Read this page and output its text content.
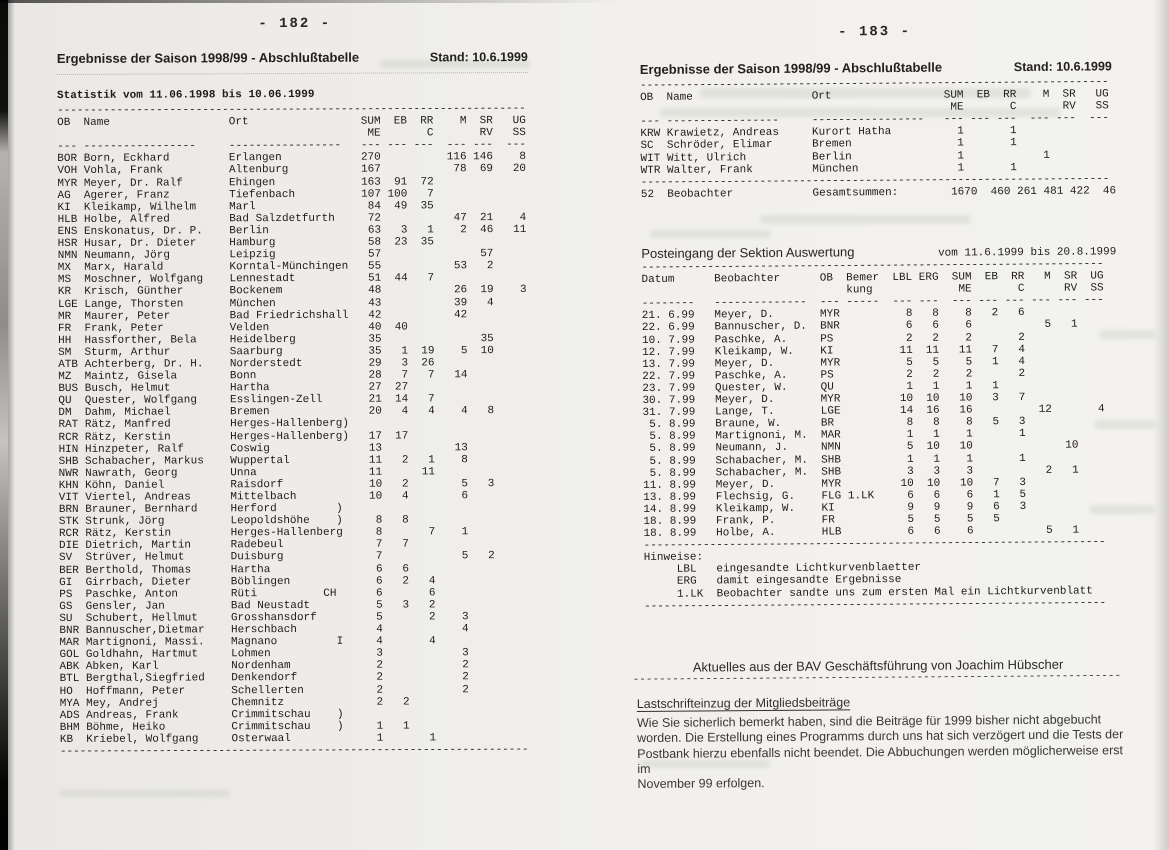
- 182 -
Ergebnisse der Saison 1998/99 - Abschlußtabelle	Stand: 10.6.1999
Statistik vom 11.06.1998 bis 10.06.1999
-----------------------------------------------------------------------
OB  Name                  Ort                 SUM  EB  RR    M  SR   UG
ME       C       RV   SS
--- -----------------     -----------------   --- --- ---  --- ---  ---
BOR Born, Eckhard         Erlangen            270          116 146    8
VOH Vohla, Frank          Altenburg           167           78  69   20
MYR Meyer, Dr. Ralf       Ehingen             163  91  72
AG  Agerer, Franz         Tiefenbach          107 100   7
KI  Kleikamp, Wilhelm     Marl                 84  49  35
HLB Holbe, Alfred         Bad Salzdetfurth     72           47  21    4
ENS Enskonatus, Dr. P.    Berlin               63   3   1    2  46   11
HSR Husar, Dr. Dieter     Hamburg              58  23  35
NMN Neumann, Jörg         Leipzig              57               57
MX  Marx, Harald          Korntal-Münchingen   55           53   2
MS  Moschner, Wolfgang    Lennestadt           51  44   7
KR  Krisch, Günther       Bockenem             48           26  19    3
LGE Lange, Thorsten       München              43           39   4
MR  Maurer, Peter         Bad Friedrichshall   42           42
FR  Frank, Peter          Velden               40  40
HH  Hassforther, Bela     Heidelberg           35               35
SM  Sturm, Arthur         Saarburg             35   1  19    5  10
ATB Achterberg, Dr. H.    Norderstedt          29   3  26
MZ  Maintz, Gisela        Bonn                 28   7   7   14
BUS Busch, Helmut         Hartha               27  27
QU  Quester, Wolfgang     Esslingen-Zell       21  14   7
DM  Dahm, Michael         Bremen               20   4   4    4   8
RAT Rätz, Manfred         Herges-Hallenberg)
RCR Rätz, Kerstin         Herges-Hallenberg)   17  17
HIN Hinzpeter, Ralf       Coswig               13           13
SHB Schabacher, Markus    Wuppertal            11   2   1    8
NWR Nawrath, Georg        Unna                 11      11
KHN Köhn, Daniel          Raisdorf             10   2        5   3
VIT Viertel, Andreas      Mittelbach           10   4        6
BRN Brauner, Bernhard     Herford         )
STK Strunk, Jörg          Leopoldshöhe    )     8   8
RCR Rätz, Kerstin         Herges-Hallenberg     8       7    1
DIE Dietrich, Martin      Radebeul              7   7
SV  Strüver, Helmut       Duisburg              7            5   2
BER Berthold, Thomas      Hartha                6   6
GI  Girrbach, Dieter      Böblingen             6   2   4
PS  Paschke, Anton        Rüti          CH      6       6
GS  Gensler, Jan          Bad Neustadt          5   3   2
SU  Schubert, Hellmut     Grosshansdorf         5       2    3
BNR Bannuscher,Dietmar    Herschbach            4            4
MAR Martignoni, Massi.    Magnano         I     4       4
GOL Goldhahn, Hartmut     Lohmen                3            3
ABK Abken, Karl           Nordenham             2            2
BTL Bergthal,Siegfried    Denkendorf            2            2
HO  Hoffmann, Peter       Schellerten           2            2
MYA Mey, Andrej           Chemnitz              2   2
ADS Andreas, Frank        Crimmitschau    )
BHM Böhme, Heiko          Crimmitschau    )     1   1
KB  Kriebel, Wolfgang     Osterwaal             1       1
-----------------------------------------------------------------------
- 183 -
Ergebnisse der Saison 1998/99 - Abschlußtabelle	Stand: 10.6.1999
-----------------------------------------------------------------------
OB  Name                  Ort                 SUM  EB  RR    M  SR   UG
ME       C       RV   SS
--- -----------------     -----------------   --- --- ---  --- ---  ---
KRW Krawietz, Andreas     Kurort Hatha          1       1
SC  Schröder, Elimar      Bremen                1       1
WIT Witt, Ulrich          Berlin                1            1
WTR Walter, Frank         München               1       1
-----------------------------------------------------------------------
52  Beobachter            Gesamtsummen:        1670  460 261 481 422  46
Posteingang der Sektion Auswertung	vom 11.6.1999 bis 20.8.1999
----------------------------------------------------------------------
Datum      Beobachter      OB  Bemer  LBL ERG  SUM  EB  RR   M  SR  UG
kung             ME       C      RV  SS
--------   --------------  --- -----  --- ---  --- --- --- --- --- ---
21. 6.99   Meyer, D.       MYR          8   8    8   2   6
22. 6.99   Bannuscher, D.  BNR          6   6    6           5   1
10. 7.99   Paschke, A.     PS           2   2    2       2
12. 7.99   Kleikamp, W.    KI          11  11   11   7   4
13. 7.99   Meyer, D.       MYR          5   5    5   1   4
22. 7.99   Paschke, A.     PS           2   2    2       2
23. 7.99   Quester, W.     QU           1   1    1   1
30. 7.99   Meyer, D.       MYR         10  10   10   3   7
31. 7.99   Lange, T.       LGE         14  16   16          12       4
5. 8.99   Braune, W.      BR           8   8    8   5   3
5. 8.99   Martignoni, M.  MAR          1   1    1       1
5. 8.99   Neumann, J.     NMN          5  10   10              10
5. 8.99   Schabacher, M.  SHB          1   1    1       1
5. 8.99   Schabacher, M.  SHB          3   3    3           2   1
11. 8.99   Meyer, D.       MYR         10  10   10   7   3
13. 8.99   Flechsig, G.    FLG 1.LK     6   6    6   1   5
14. 8.99   Kleikamp, W.    KI           9   9    9   6   3
18. 8.99   Frank, P.       FR           5   5    5   5
18. 8.99   Holbe, A.       HLB          6   6    6           5   1
----------------------------------------------------------------------
Hinweise:
LBL   eingesandte Lichtkurvenblaetter
ERG   damit eingesandte Ergebnisse
1.LK  Beobachter sandte uns zum ersten Mal ein Lichtkurvenblatt
----------------------------------------------------------------------
Aktuelles aus der BAV Geschäftsführung von Joachim Hübscher
--------------------------------------------------------------------------
Lastschrifteinzug der Mitgliedsbeiträge
Wie Sie sicherlich bemerkt haben, sind die Beiträge für 1999 bisher nicht abgebucht
worden. Die Erstellung eines Programms durch uns hat sich verzögert und die Tests der
Postbank hierzu ebenfalls nicht beendet. Die Abbuchungen werden möglicherweise erst im
November 99 erfolgen.
